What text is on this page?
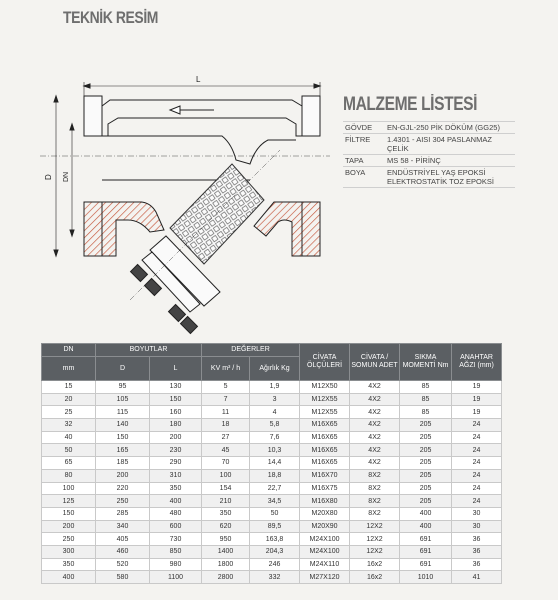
TEKNİK RESİM
L
D DN
MALZEME LİSTESİ
GÖVDE	EN-GJL-250 PİK DÖKÜM (GG25)
FİLTRE	1.4301 - AISI 304 PASLANMAZ ÇELİK
TAPA	MS 58 - PİRİNÇ
BOYA	ENDÜSTRİYEL YAŞ EPOKSİ ELEKTROSTATİK TOZ EPOKSİ
DN	BOYUTLAR		DEĞERLER		CİVATA ÖLÇÜLERİ	CİVATA / SOMUN ADET	SIKMA MOMENTİ Nm	ANAHTAR AĞZI (mm)
mm	D	L	KV m³ / h	Ağırlık Kg				
15	95	130	5	1,9	M12X50	4X2	85	19
20	105	150	7	3	M12X55	4X2	85	19
25	115	160	11	4	M12X55	4X2	85	19
32	140	180	18	5,8	M16X65	4X2	205	24
40	150	200	27	7,6	M16X65	4X2	205	24
50	165	230	45	10,3	M16X65	4X2	205	24
65	185	290	70	14,4	M16X65	4X2	205	24
80	200	310	100	18,8	M16X70	8X2	205	24
100	220	350	154	22,7	M16X75	8X2	205	24
125	250	400	210	34,5	M16X80	8X2	205	24
150	285	480	350	50	M20X80	8X2	400	30
200	340	600	620	89,5	M20X90	12X2	400	30
250	405	730	950	163,8	M24X100	12X2	691	36
300	460	850	1400	204,3	M24X100	12X2	691	36
350	520	980	1800	246	M24X110	16x2	691	36
400	580	1100	2800	332	M27X120	16x2	1010	41
